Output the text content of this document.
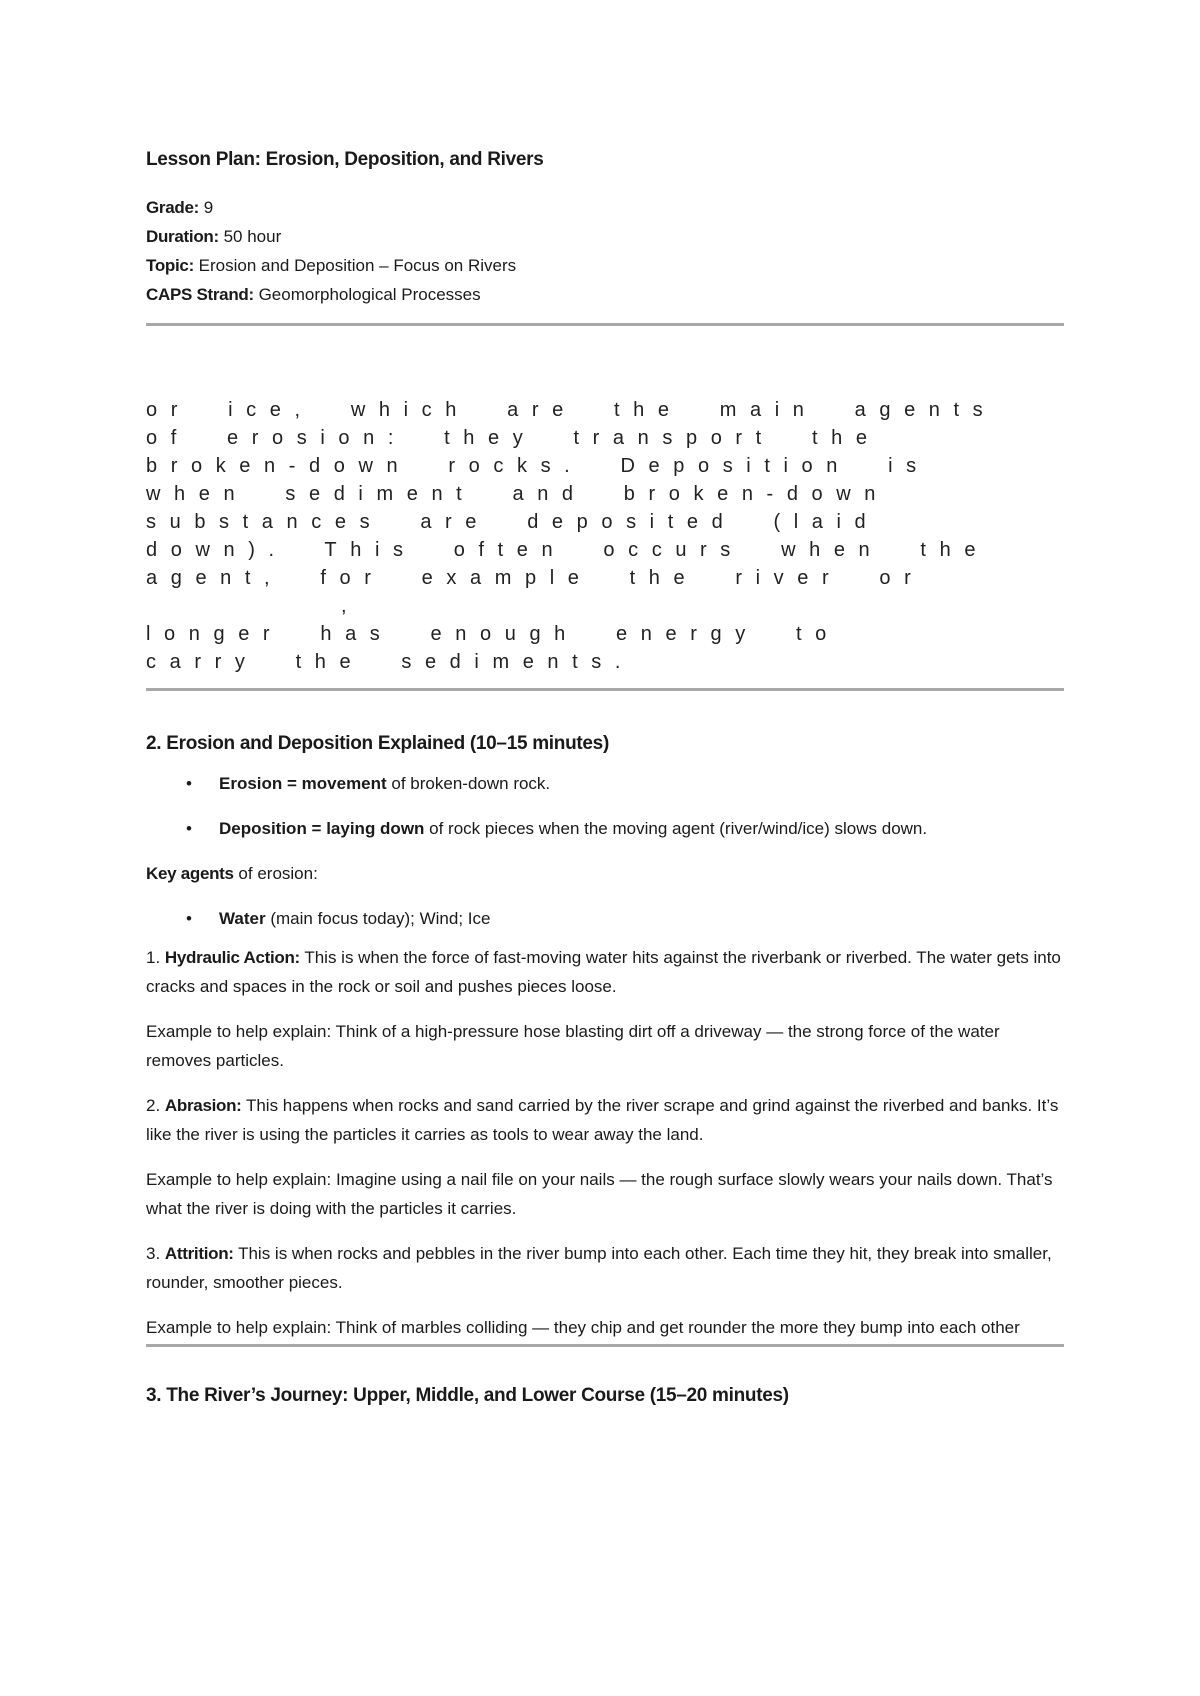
Lesson Plan: Erosion, Deposition, and Rivers
Grade: 9
Duration: 50 hour
Topic: Erosion and Deposition – Focus on Rivers
CAPS Strand: Geomorphological Processes
or ice, which are the main agents
of erosion: they transport the
broken-down rocks. Deposition is
when sediment and broken-down
substances are deposited (laid
down). This often occurs when the
agent, for example the river or
,
longer has enough energy to
carry the sediments.
2. Erosion and Deposition Explained (10–15 minutes)
• Erosion = movement of broken-down rock.
• Deposition = laying down of rock pieces when the moving agent (river/wind/ice) slows down.

Key agents of erosion:

• Water (main focus today); Wind; Ice

1. Hydraulic Action: This is when the force of fast-moving water hits against the riverbank or riverbed. The water gets into cracks and spaces in the rock or soil and pushes pieces loose.

Example to help explain: Think of a high-pressure hose blasting dirt off a driveway — the strong force of the water removes particles.

2. Abrasion: This happens when rocks and sand carried by the river scrape and grind against the riverbed and banks. It’s like the river is using the particles it carries as tools to wear away the land.

Example to help explain: Imagine using a nail file on your nails — the rough surface slowly wears your nails down. That’s what the river is doing with the particles it carries.

3. Attrition: This is when rocks and pebbles in the river bump into each other. Each time they hit, they break into smaller, rounder, smoother pieces.

Example to help explain: Think of marbles colliding — they chip and get rounder the more they bump into each other

3. The River’s Journey: Upper, Middle, and Lower Course (15–20 minutes)
